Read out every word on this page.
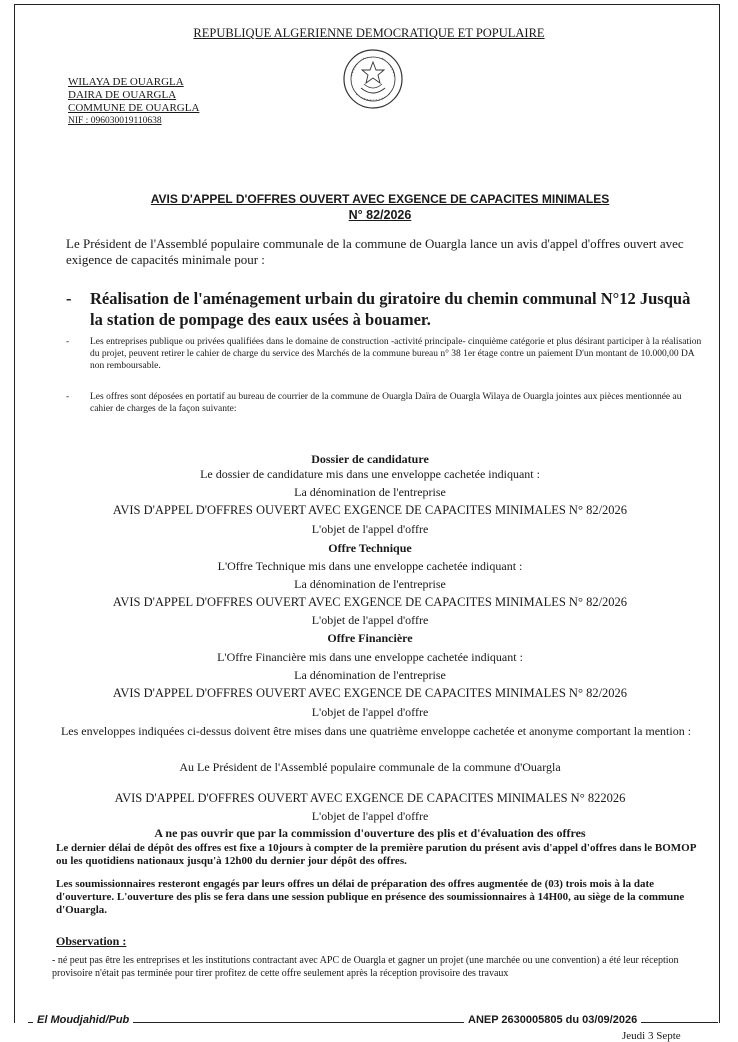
REPUBLIQUE ALGERIENNE DEMOCRATIQUE ET POPULAIRE
WILAYA DE OUARGLA
DAIRA DE OUARGLA
COMMUNE DE OUARGLA
NIF : 096030019110638
AVIS D'APPEL D'OFFRES OUVERT AVEC EXGENCE DE CAPACITES MINIMALES
N° 82/2026
Le Président de l'Assemblé populaire communale de la commune de Ouargla lance un avis d'appel d'offres ouvert avec exigence de capacités minimale pour :
- Réalisation de l'aménagement urbain du giratoire du chemin communal N°12 Jusquà la station de pompage des eaux usées à bouamer.
- Les entreprises publique ou privées qualifiées dans le domaine de construction -activité principale- cinquième catégorie et plus désirant participer à la réalisation du projet, peuvent retirer le cahier de charge du service des Marchés de la commune bureau n° 38 1er étage contre un paiement D'un montant de 10.000,00 DA non remboursable.
- Les offres sont déposées en portatif au bureau de courrier de la commune de Ouargla Daïra de Ouargla Wilaya de Ouargla jointes aux pièces mentionnée au cahier de charges de la façon suivante:
Dossier de candidature
Le dossier de candidature mis dans une enveloppe cachetée indiquant :
La dénomination de l'entreprise
AVIS D'APPEL D'OFFRES OUVERT AVEC EXGENCE DE CAPACITES MINIMALES N° 82/2026
L'objet de l'appel d'offre
Offre Technique
L'Offre Technique mis dans une enveloppe cachetée indiquant :
La dénomination de l'entreprise
AVIS D'APPEL D'OFFRES OUVERT AVEC EXGENCE DE CAPACITES MINIMALES N° 82/2026
L'objet de l'appel d'offre
Offre Financière
L'Offre Financière mis dans une enveloppe cachetée indiquant :
La dénomination de l'entreprise
AVIS D'APPEL D'OFFRES OUVERT AVEC EXGENCE DE CAPACITES MINIMALES N° 82/2026
L'objet de l'appel d'offre
Les enveloppes indiquées ci-dessus doivent être mises dans une quatrième enveloppe cachetée et anonyme comportant la mention :
Au Le Président de l'Assemblé populaire communale de la commune d'Ouargla
AVIS D'APPEL D'OFFRES OUVERT AVEC EXGENCE DE CAPACITES MINIMALES N° 822026
L'objet de l'appel d'offre
A ne pas ouvrir que par la commission d'ouverture des plis et d'évaluation des offres
Le dernier délai de dépôt des offres est fixe a 10jours à compter de la première parution du présent avis d'appel d'offres dans le BOMOP ou les quotidiens nationaux jusqu'à 12h00 du dernier jour dépôt des offres.
Les soumissionnaires resteront engagés par leurs offres un délai de préparation des offres augmentée de (03) trois mois à la date d'ouverture. L'ouverture des plis se fera dans une session publique en présence des soumissionnaires à 14H00, au siège de la commune d'Ouargla.
Observation :
- né peut pas être les entreprises et les institutions contractant avec APC de Ouargla et gagner un projet (une marchée ou une convention) a été leur réception provisoire n'était pas terminée pour tirer profitez de cette offre seulement après la réception provisoire des travaux
El Moudjahid/Pub	ANEP 2630005805 du 03/09/2026
Jeudi 3 Septe
